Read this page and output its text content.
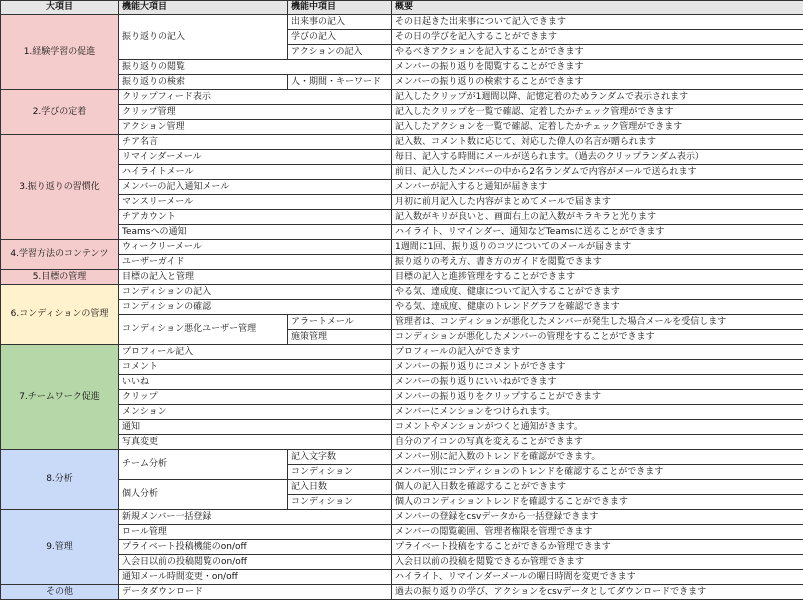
大項目	機能大項目	機能中項目	概要
1.経験学習の促進	振り返りの記入	出来事の記入	その日起きた出来事について記入できます
		学びの記入	その日の学びを記入することができます
		アクションの記入	やるべきアクションを記入することができます
	振り返りの閲覧		メンバーの振り返りを閲覧することができます
	振り返りの検索	人・期間・キーワード	メンバーの振り返りの検索することができます
2.学びの定着	クリップフィード表示		記入したクリップが1週間以降、記憶定着のためランダムで表示されます
	クリップ管理		記入したクリップを一覧で確認、定着したかチェック管理ができます
	アクション管理		記入したアクションを一覧で確認、定着したかチェック管理ができます
3.振り返りの習慣化	チア名言		記入数、コメント数に応じて、対応した偉人の名言が贈られます
	リマインダーメール		毎日、記入する時間にメールが送られます。（過去のクリップランダム表示）
	ハイライトメール		前日、記入したメンバーの中から2名ランダムで内容がメールで送られます
	メンバーの記入通知メール		メンバーが記入すると通知が届きます
	マンスリーメール		月初に前月記入した内容がまとめてメールで届きます
	チアカウント		記入数がキリが良いと、画面右上の記入数がキラキラと光ります
	Teamsへの通知		ハイライト、リマインダー、通知などTeamsに送ることができます
4.学習方法のコンテンツ	ウィークリーメール		1週間に1回、振り返りのコツについてのメールが届きます
	ユーザーガイド		振り返りの考え方、書き方のガイドを閲覧できます
5.目標の管理	目標の記入と管理		目標の記入と進捗管理をすることができます
6.コンディションの管理	コンディションの記入		やる気、達成度、健康について記入することができます
	コンディションの確認		やる気、達成度、健康のトレンドグラフを確認できます
	コンディション悪化ユーザー管理	アラートメール	管理者は、コンディションが悪化したメンバーが発生した場合メールを受信します
		施策管理	コンディションが悪化したメンバーの管理をすることができます
7.チームワーク促進	プロフィール記入		プロフィールの記入ができます
	コメント		メンバーの振り返りにコメントができます
	いいね		メンバーの振り返りにいいねができます
	クリップ		メンバーの振り返りをクリップすることができます
	メンション		メンバーにメンションをつけられます。
	通知		コメントやメンションがつくと通知がきます。
	写真変更		自分のアイコンの写真を変えることができます
8.分析	チーム分析	記入文字数	メンバー別に記入数のトレンドを確認ができます。
		コンディション	メンバー別にコンディションのトレンドを確認することができます
	個人分析	記入日数	個人の記入日数を確認することができます
		コンディション	個人のコンディショントレンドを確認することができます
9.管理	新規メンバー一括登録		メンバーの登録をcsvデータから一括登録できます
	ロール管理		メンバーの閲覧範囲、管理者権限を管理できます
	プライベート投稿機能のon/off		プライベート投稿をすることができるか管理できます
	入会日以前の投稿閲覧のon/off		入会日以前の投稿を閲覧できるか管理できます
	通知メール時間変更・on/off		ハイライト、リマインダーメールの曜日時間を変更できます
その他	データダウンロード		過去の振り返りの学び、アクションをcsvデータとしてダウンロードできます
